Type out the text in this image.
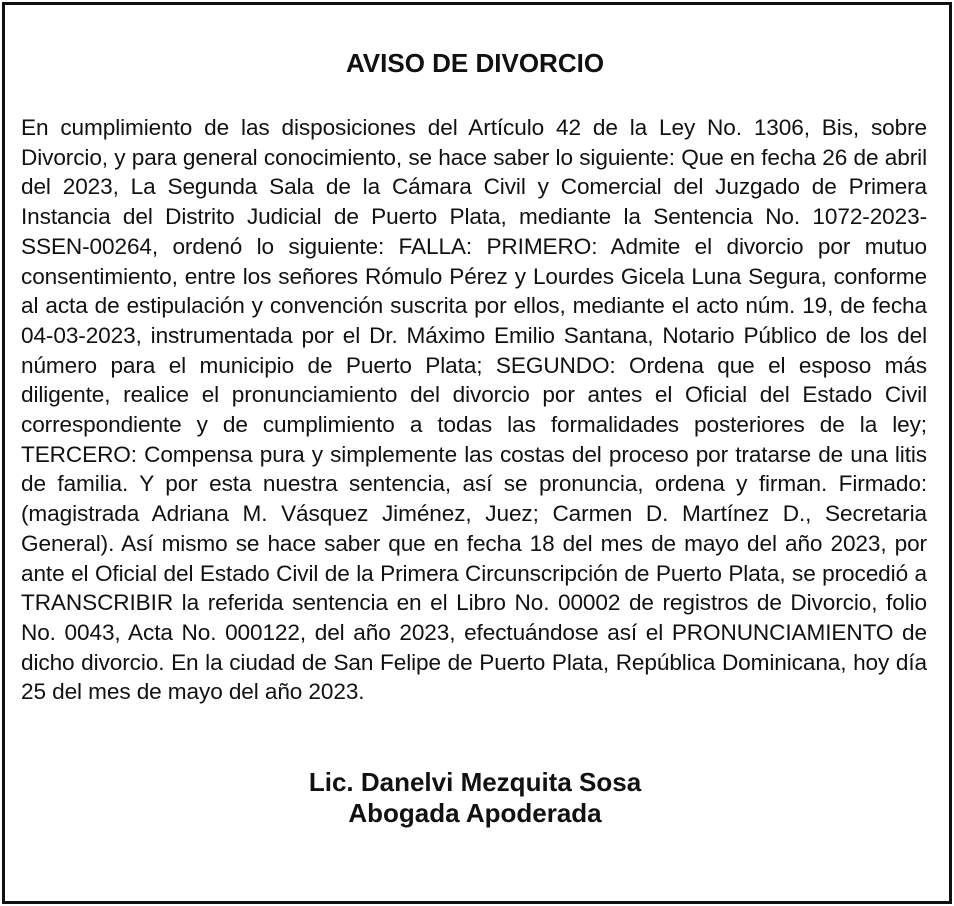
AVISO DE DIVORCIO

En cumplimiento de las disposiciones del Artículo 42 de la Ley No. 1306, Bis, sobre Divorcio, y para general conocimiento, se hace saber lo siguiente: Que en fecha 26 de abril del 2023, La Segunda Sala de la Cámara Civil y Comercial del Juzgado de Primera Instancia del Distrito Judicial de Puerto Plata, mediante la Sentencia No. 1072-2023-SSEN-00264, ordenó lo siguiente: FALLA: PRIMERO: Admite el divorcio por mutuo consentimiento, entre los señores Rómulo Pérez y Lourdes Gicela Luna Segura, conforme al acta de estipulación y convención suscrita por ellos, mediante el acto núm. 19, de fecha 04-03-2023, instrumentada por el Dr. Máximo Emilio Santana, Notario Público de los del número para el municipio de Puerto Plata; SEGUNDO: Ordena que el esposo más diligente, realice el pronunciamiento del divorcio por antes el Oficial del Estado Civil correspondiente y de cumplimiento a todas las formalidades posteriores de la ley; TERCERO: Compensa pura y simplemente las costas del proceso por tratarse de una litis de familia. Y por esta nuestra sentencia, así se pronuncia, ordena y firman. Firmado: (magistrada Adriana M. Vásquez Jiménez, Juez; Carmen D. Martínez D., Secretaria General). Así mismo se hace saber que en fecha 18 del mes de mayo del año 2023, por ante el Oficial del Estado Civil de la Primera Circunscripción de Puerto Plata, se procedió a TRANSCRIBIR la referida sentencia en el Libro No. 00002 de registros de Divorcio, folio No. 0043, Acta No. 000122, del año 2023, efectuándose así el PRONUNCIAMIENTO de dicho divorcio. En la ciudad de San Felipe de Puerto Plata, República Dominicana, hoy día 25 del mes de mayo del año 2023.

Lic. Danelvi Mezquita Sosa
Abogada Apoderada
